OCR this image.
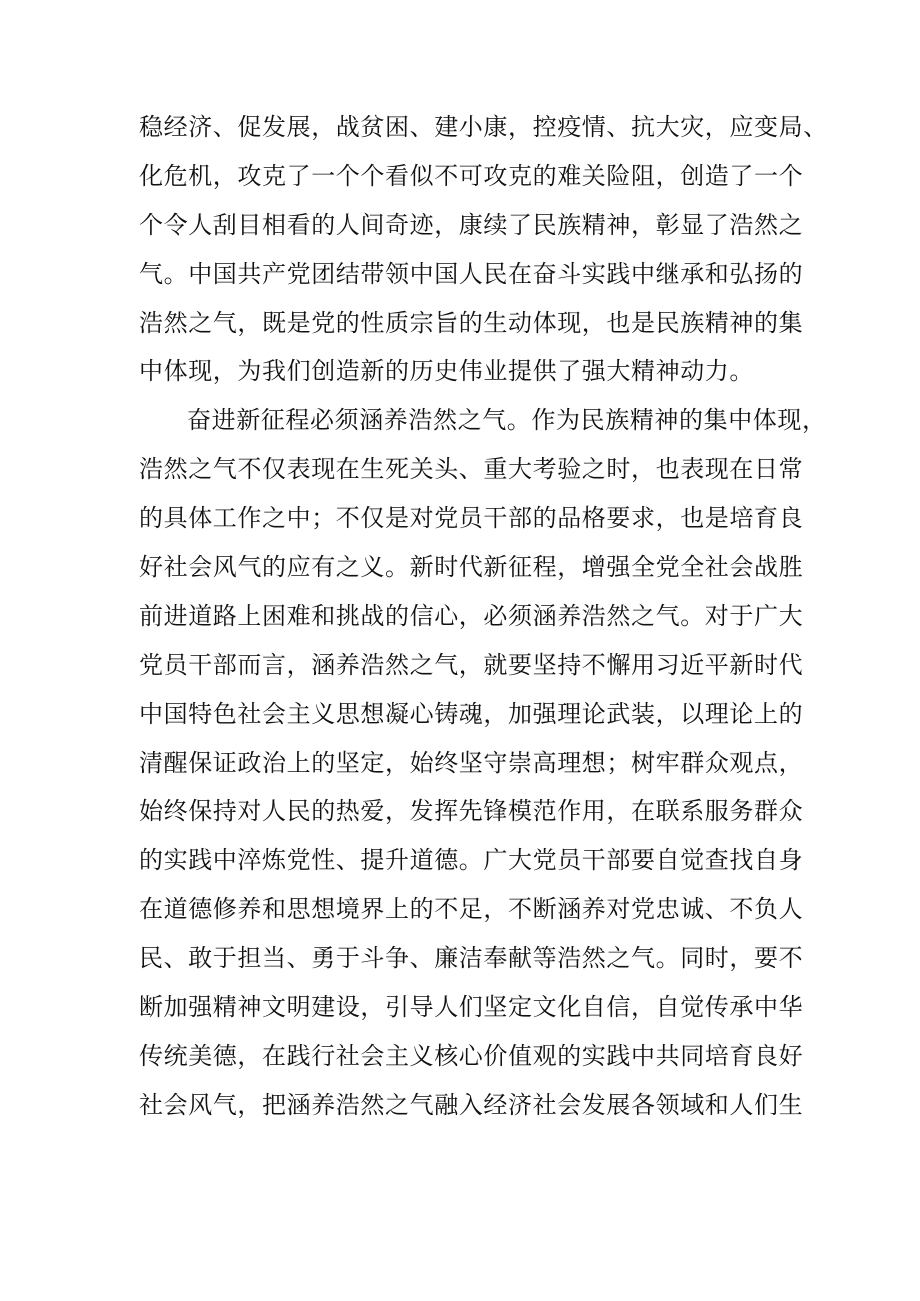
稳经济、促发展，战贫困、建小康，控疫情、抗大灾，应变局、
化危机，攻克了一个个看似不可攻克的难关险阻，创造了一个
个令人刮目相看的人间奇迹，康续了民族精神，彰显了浩然之
气。中国共产党团结带领中国人民在奋斗实践中继承和弘扬的
浩然之气，既是党的性质宗旨的生动体现，也是民族精神的集
中体现，为我们创造新的历史伟业提供了强大精神动力。
奋进新征程必须涵养浩然之气。作为民族精神的集中体现，
浩然之气不仅表现在生死关头、重大考验之时，也表现在日常
的具体工作之中；不仅是对党员干部的品格要求，也是培育良
好社会风气的应有之义。新时代新征程，增强全党全社会战胜
前进道路上困难和挑战的信心，必须涵养浩然之气。对于广大
党员干部而言，涵养浩然之气，就要坚持不懈用习近平新时代
中国特色社会主义思想凝心铸魂，加强理论武装，以理论上的
清醒保证政治上的坚定，始终坚守崇高理想；树牢群众观点，
始终保持对人民的热爱，发挥先锋模范作用，在联系服务群众
的实践中淬炼党性、提升道德。广大党员干部要自觉查找自身
在道德修养和思想境界上的不足，不断涵养对党忠诚、不负人
民、敢于担当、勇于斗争、廉洁奉献等浩然之气。同时，要不
断加强精神文明建设，引导人们坚定文化自信，自觉传承中华
传统美德，在践行社会主义核心价值观的实践中共同培育良好
社会风气，把涵养浩然之气融入经济社会发展各领域和人们生
